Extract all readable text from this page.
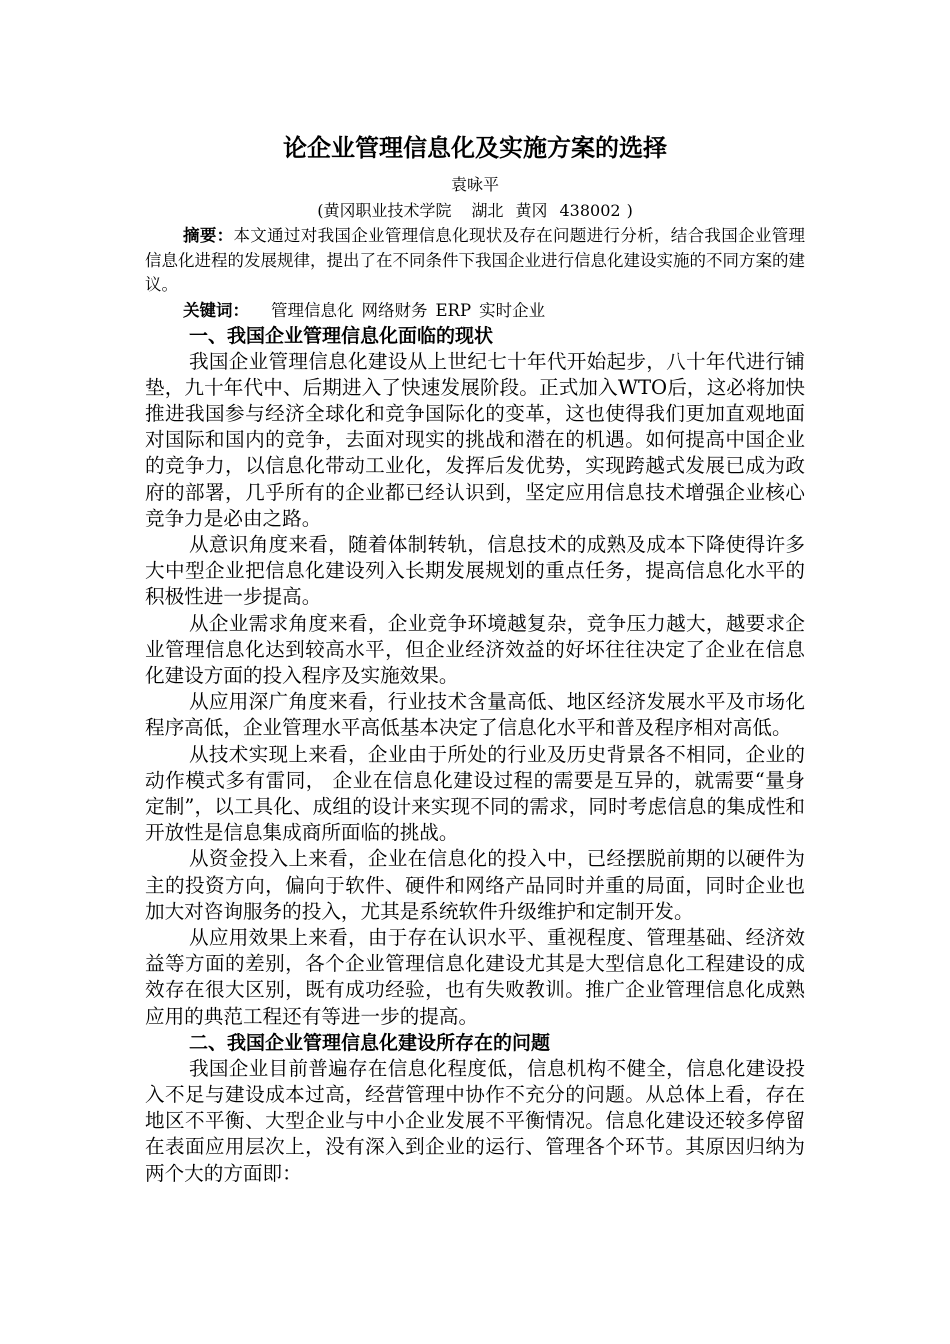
论企业管理信息化及实施方案的选择
袁咏平
(黄冈职业技术学院 湖北 黄冈 438002 )
摘要：本文通过对我国企业管理信息化现状及存在问题进行分析，结合我国企业管理信息化进程的发展规律，提出了在不同条件下我国企业进行信息化建设实施的不同方案的建议。
关键词： 管理信息化 网络财务 ERP 实时企业
一、我国企业管理信息化面临的现状

我国企业管理信息化建设从上世纪七十年代开始起步，八十年代进行铺垫，九十年代中、后期进入了快速发展阶段。正式加入WTO后，这必将加快推进我国参与经济全球化和竞争国际化的变革，这也使得我们更加直观地面对国际和国内的竞争，去面对现实的挑战和潜在的机遇。如何提高中国企业的竞争力，以信息化带动工业化，发挥后发优势，实现跨越式发展已成为政府的部署，几乎所有的企业都已经认识到，坚定应用信息技术增强企业核心竞争力是必由之路。

从意识角度来看，随着体制转轨，信息技术的成熟及成本下降使得许多大中型企业把信息化建设列入长期发展规划的重点任务，提高信息化水平的积极性进一步提高。

从企业需求角度来看，企业竞争环境越复杂，竞争压力越大，越要求企业管理信息化达到较高水平，但企业经济效益的好坏往往决定了企业在信息化建设方面的投入程序及实施效果。

从应用深广角度来看，行业技术含量高低、地区经济发展水平及市场化程序高低，企业管理水平高低基本决定了信息化水平和普及程序相对高低。

从技术实现上来看，企业由于所处的行业及历史背景各不相同，企业的动作模式多有雷同， 企业在信息化建设过程的需要是互异的，就需要“量身定制”，以工具化、成组的设计来实现不同的需求，同时考虑信息的集成性和开放性是信息集成商所面临的挑战。

从资金投入上来看，企业在信息化的投入中，已经摆脱前期的以硬件为主的投资方向，偏向于软件、硬件和网络产品同时并重的局面，同时企业也加大对咨询服务的投入，尤其是系统软件升级维护和定制开发。

从应用效果上来看，由于存在认识水平、重视程度、管理基础、经济效益等方面的差别，各个企业管理信息化建设尤其是大型信息化工程建设的成效存在很大区别，既有成功经验，也有失败教训。推广企业管理信息化成熟应用的典范工程还有等进一步的提高。

二、我国企业管理信息化建设所存在的问题

我国企业目前普遍存在信息化程度低，信息机构不健全，信息化建设投入不足与建设成本过高，经营管理中协作不充分的问题。从总体上看，存在地区不平衡、大型企业与中小企业发展不平衡情况。信息化建设还较多停留在表面应用层次上，没有深入到企业的运行、管理各个环节。其原因归纳为两个大的方面即：
